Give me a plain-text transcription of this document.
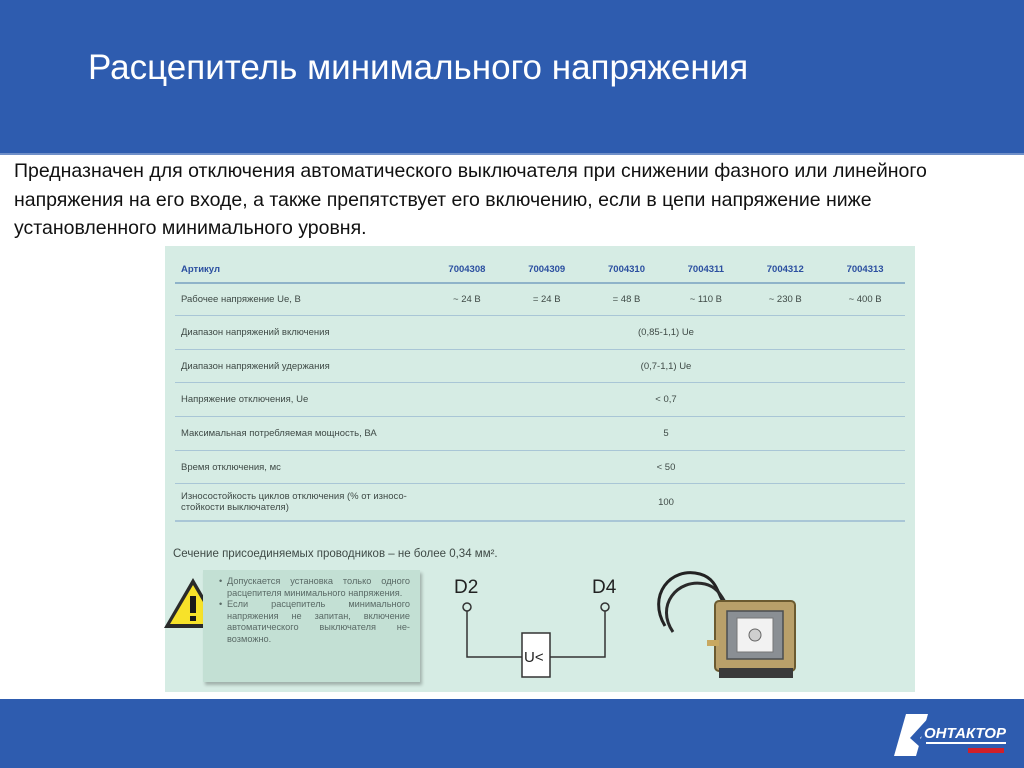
Расцепитель минимального напряжения
Предназначен для отключения автоматического выключателя при снижении фазного или линейного напряжения на его входе, а также препятствует его включению, если в цепи напряжение ниже установленного минимального уровня.
Артикул	7004308	7004309	7004310	7004311	7004312	7004313
Рабочее напряжение Ue, В	~ 24 В	= 24 В	= 48 В	~ 110 В	~ 230 В	~ 400 В
Диапазон напряжений включения	(0,85-1,1) Ue					
Диапазон напряжений удержания	(0,7-1,1) Ue					
Напряжение отключения, Ue	< 0,7					
Максимальная потребляемая мощность, ВА	5					
Время отключения, мс	< 50					

Износостойкость циклов отключения (% от износо-
стойкости выключателя)	100					
Сечение присоединяемых проводников – не более 0,34 мм².
• Допускается установка только одного расцепителя минимального напряжения.
• Если расцепитель минимального напряжения не запитан, включение автоматического выключателя не-возможно.
D2	D4
U<
ОНТАКТОР
